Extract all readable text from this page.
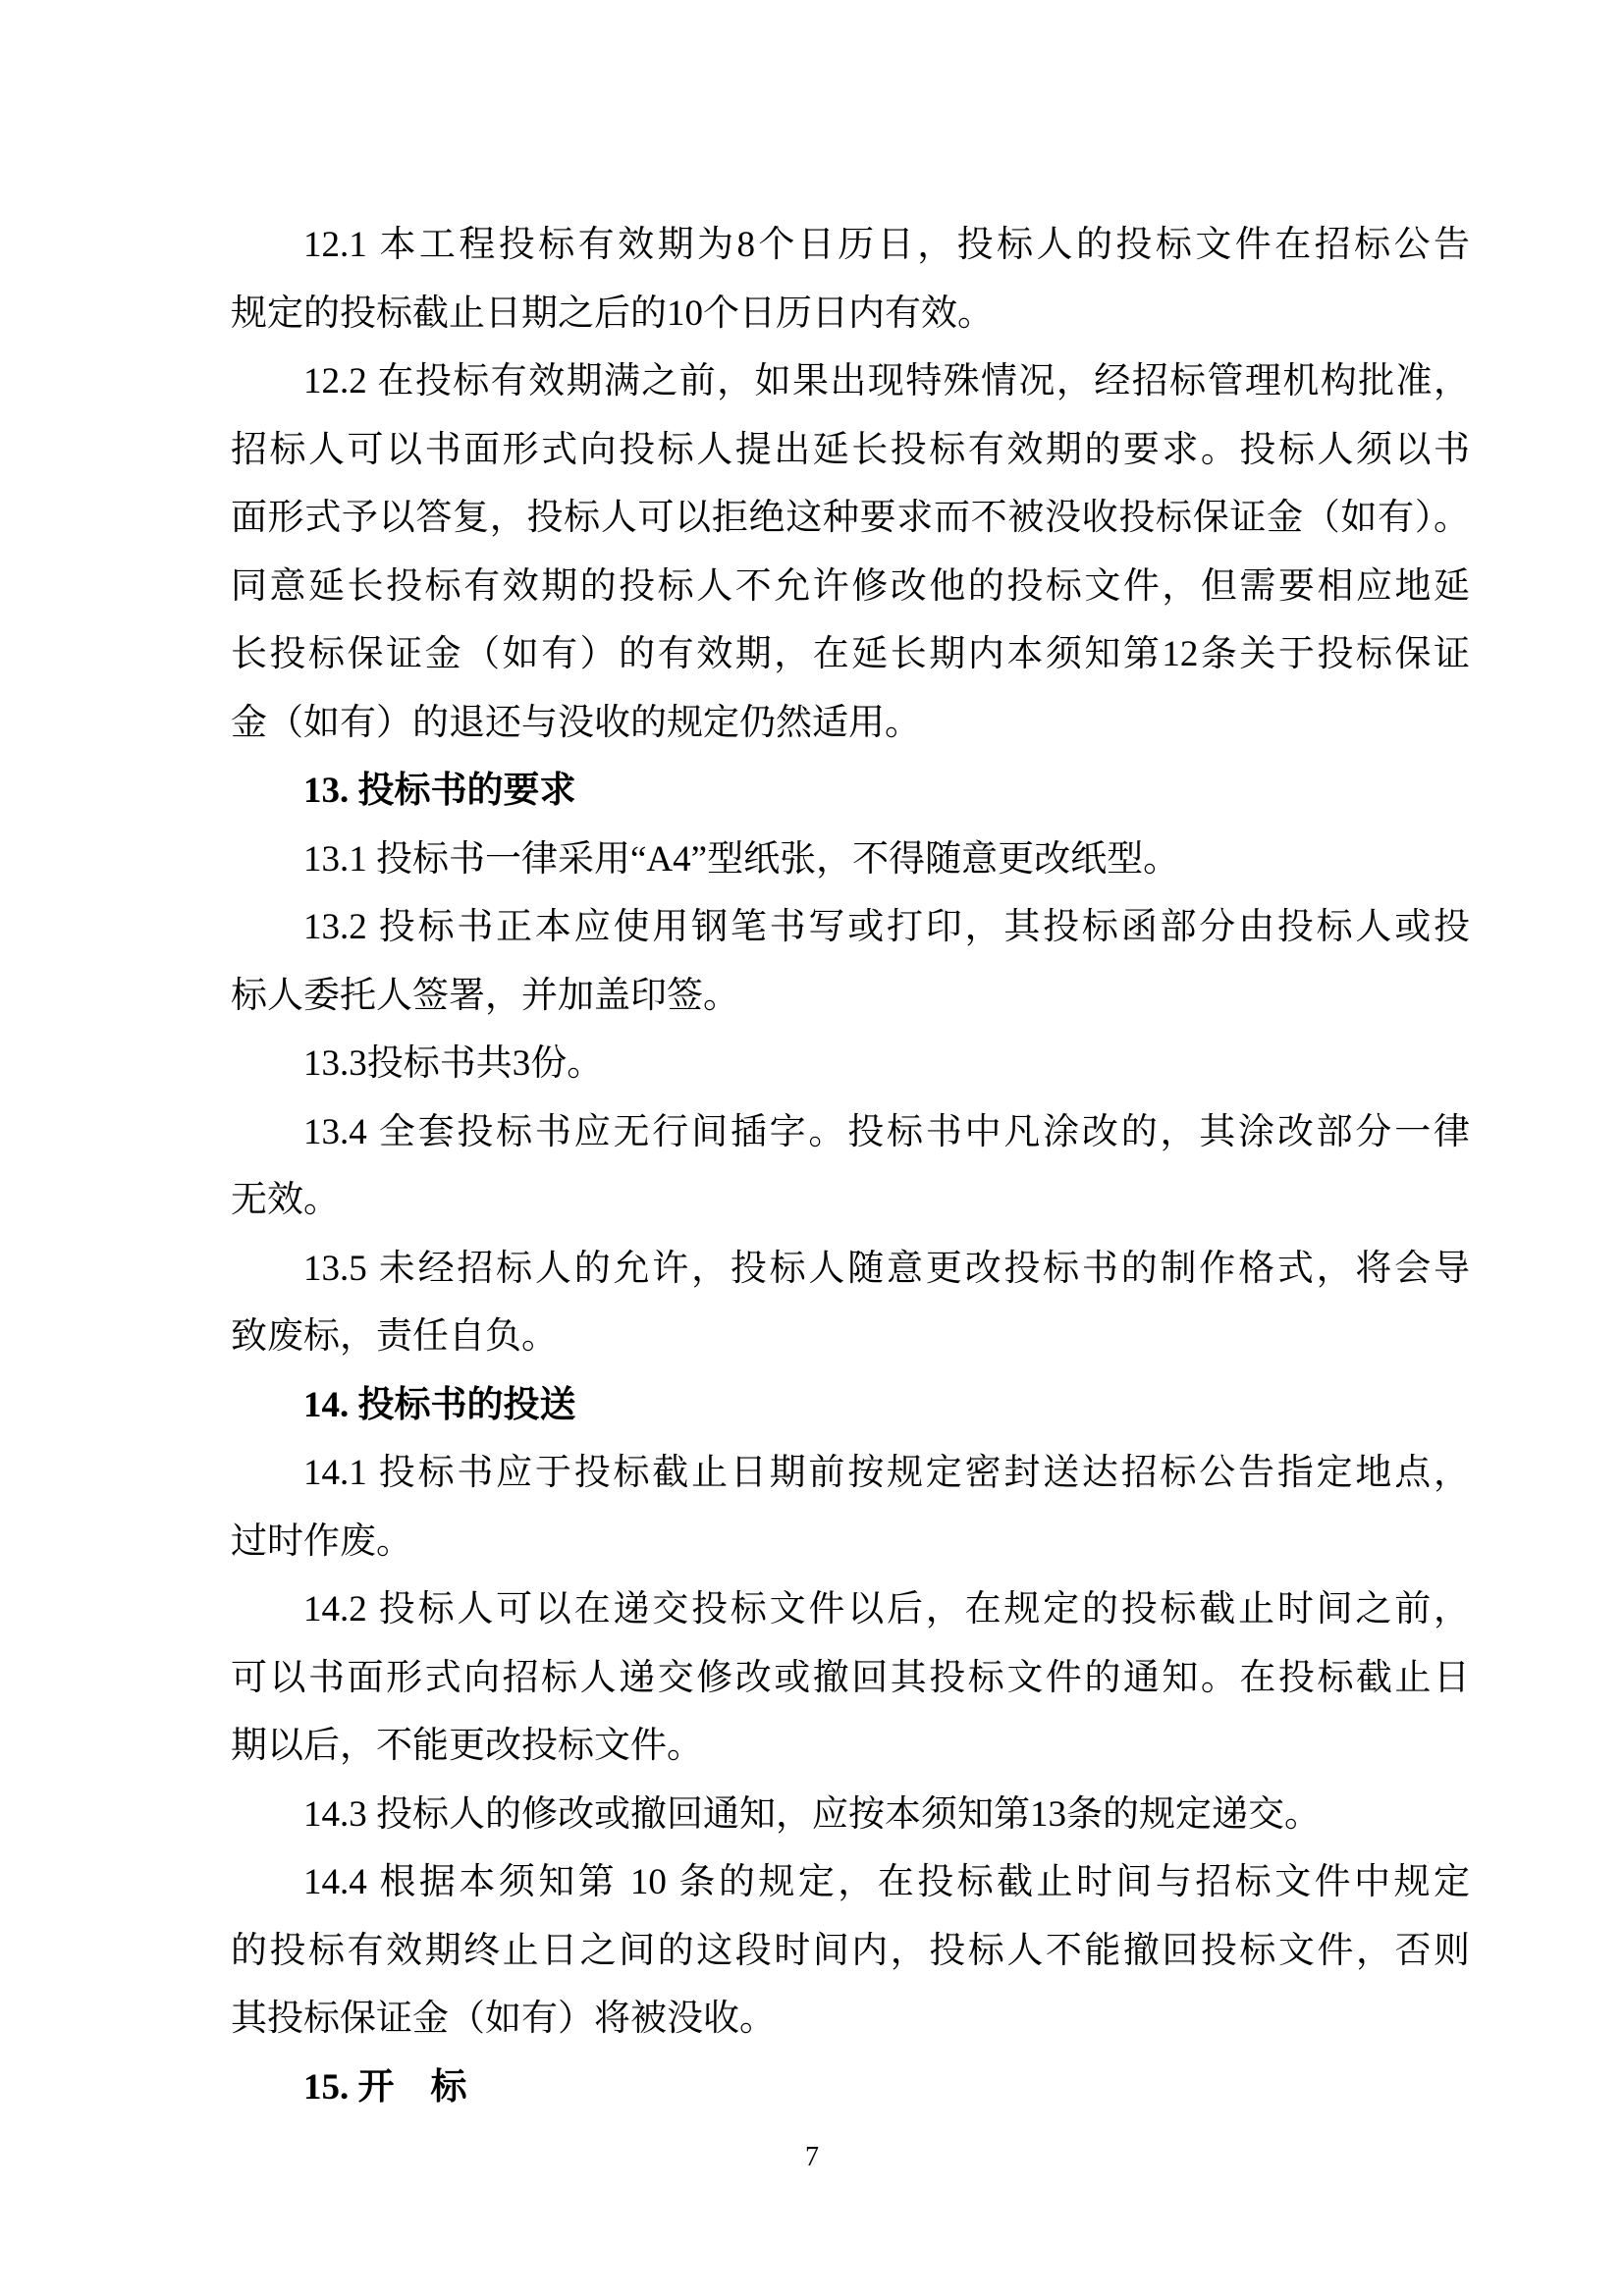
12.1 本工程投标有效期为8个日历日，投标人的投标文件在招标公告
规定的投标截止日期之后的10个日历日内有效。
12.2 在投标有效期满之前，如果出现特殊情况，经招标管理机构批准，
招标人可以书面形式向投标人提出延长投标有效期的要求。投标人须以书
面形式予以答复，投标人可以拒绝这种要求而不被没收投标保证金（如有）。
同意延长投标有效期的投标人不允许修改他的投标文件，但需要相应地延
长投标保证金（如有）的有效期，在延长期内本须知第12条关于投标保证
金（如有）的退还与没收的规定仍然适用。
13. 投标书的要求
13.1 投标书一律采用“A4”型纸张，不得随意更改纸型。
13.2 投标书正本应使用钢笔书写或打印，其投标函部分由投标人或投
标人委托人签署，并加盖印签。
13.3投标书共3份。
13.4 全套投标书应无行间插字。投标书中凡涂改的，其涂改部分一律
无效。
13.5 未经招标人的允许，投标人随意更改投标书的制作格式，将会导
致废标，责任自负。
14. 投标书的投送
14.1 投标书应于投标截止日期前按规定密封送达招标公告指定地点，
过时作废。
14.2 投标人可以在递交投标文件以后，在规定的投标截止时间之前，
可以书面形式向招标人递交修改或撤回其投标文件的通知。在投标截止日
期以后，不能更改投标文件。
14.3 投标人的修改或撤回通知，应按本须知第13条的规定递交。
14.4 根据本须知第 10 条的规定，在投标截止时间与招标文件中规定
的投标有效期终止日之间的这段时间内，投标人不能撤回投标文件，否则
其投标保证金（如有）将被没收。
15. 开　标
7
